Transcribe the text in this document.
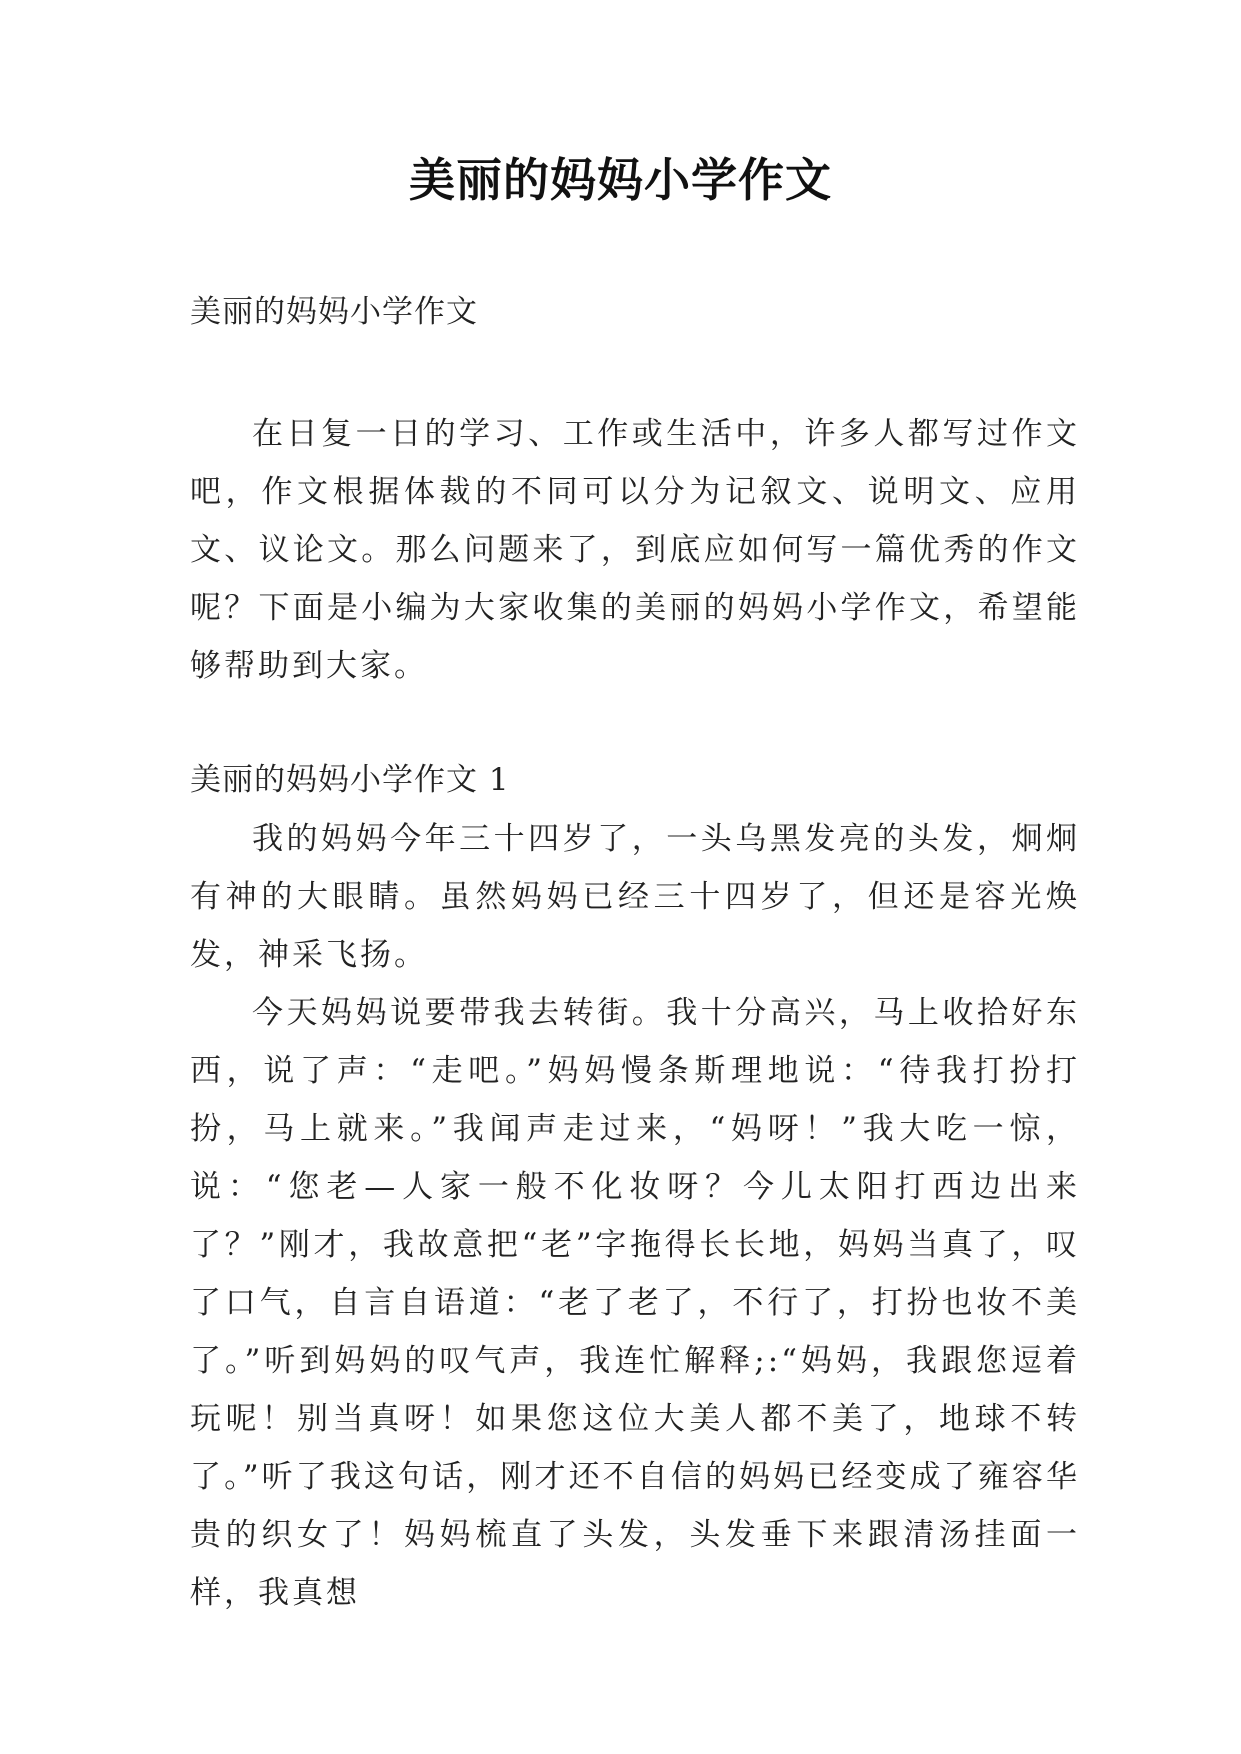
美丽的妈妈小学作文

美丽的妈妈小学作文

在日复一日的学习、工作或生活中，许多人都写过作文吧，作文根据体裁的不同可以分为记叙文、说明文、应用文、议论文。那么问题来了，到底应如何写一篇优秀的作文呢？下面是小编为大家收集的美丽的妈妈小学作文，希望能够帮助到大家。

美丽的妈妈小学作文 1

我的妈妈今年三十四岁了，一头乌黑发亮的头发，炯炯有神的大眼睛。虽然妈妈已经三十四岁了，但还是容光焕发，神采飞扬。

今天妈妈说要带我去转街。我十分高兴，马上收拾好东西，说了声：“走吧。”妈妈慢条斯理地说：“待我打扮打扮，马上就来。”我闻声走过来，“妈呀！”我大吃一惊，说：“您老—人家一般不化妆呀？今儿太阳打西边出来了？”刚才，我故意把“老”字拖得长长地，妈妈当真了，叹了口气，自言自语道：“老了老了，不行了，打扮也妆不美了。”听到妈妈的叹气声，我连忙解释;:“妈妈，我跟您逗着玩呢！别当真呀！如果您这位大美人都不美了，地球不转了。”听了我这句话，刚才还不自信的妈妈已经变成了雍容华贵的织女了！妈妈梳直了头发，头发垂下来跟清汤挂面一样，我真想
